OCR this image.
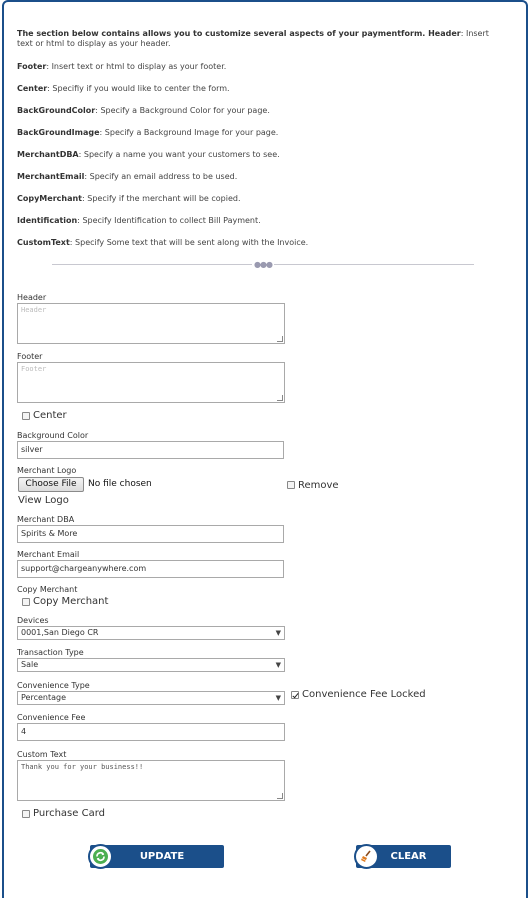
The section below contains allows you to customize several aspects of your paymentform. Header: Insert text or html to display as your header.
Footer: Insert text or html to display as your footer.
Center: Specifiy if you would like to center the form.
BackGroundColor: Specify a Background Color for your page.
BackGroundImage: Specify a Background Image for your page.
MerchantDBA: Specify a name you want your customers to see.
MerchantEmail: Specify an email address to be used.
CopyMerchant: Specify if the merchant will be copied.
Identification: Specify Identification to collect Bill Payment.
CustomText: Specify Some text that will be sent along with the Invoice.
●●●
Header
Header
Footer
Footer
Center
Background Color
silver
Merchant Logo
Choose File	No file chosen	Remove
View Logo
Merchant DBA
Spirits & More
Merchant Email
support@chargeanywhere.com
Copy Merchant
Copy Merchant
Devices
0001,San Diego CR	▼
Transaction Type
Sale	▼
Convenience Type
Percentage	▼ Convenience Fee Locked
Convenience Fee
4
Custom Text
Thank you for your business!!
Purchase Card
UPDATE	CLEAR
